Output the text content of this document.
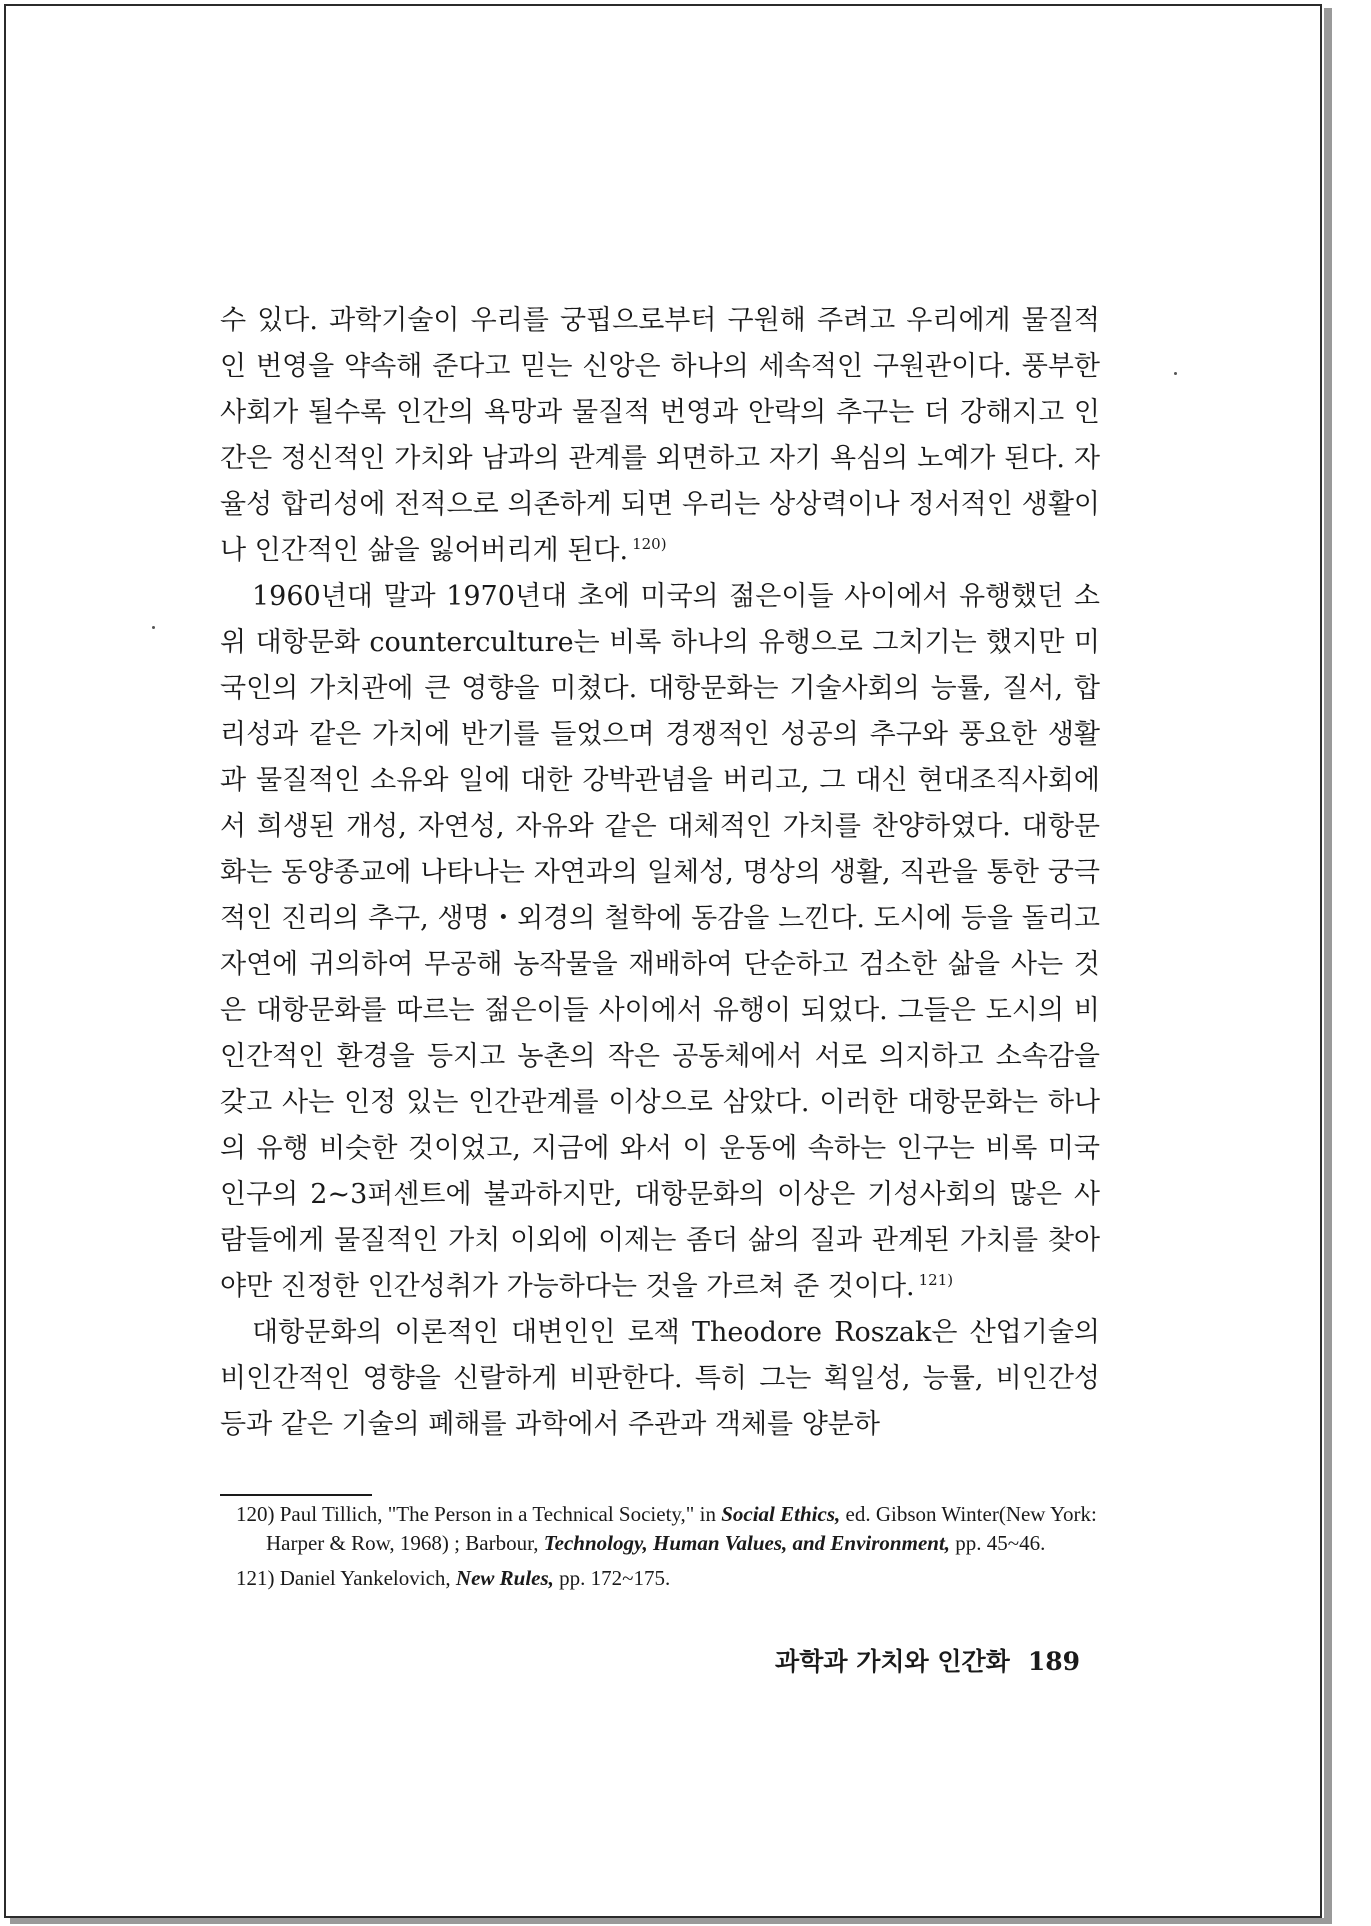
수 있다. 과학기술이 우리를 궁핍으로부터 구원해 주려고 우리에게 물질적인 번영을 약속해 준다고 믿는 신앙은 하나의 세속적인 구원관이다. 풍부한 사회가 될수록 인간의 욕망과 물질적 번영과 안락의 추구는 더 강해지고 인간은 정신적인 가치와 남과의 관계를 외면하고 자기 욕심의 노예가 된다. 자율성 합리성에 전적으로 의존하게 되면 우리는 상상력이나 정서적인 생활이나 인간적인 삶을 잃어버리게 된다. $^{120)}$

1960년대 말과 1970년대 초에 미국의 젊은이들 사이에서 유행했던 소위 대항문화 counterculture는 비록 하나의 유행으로 그치기는 했지만 미국인의 가치관에 큰 영향을 미쳤다. 대항문화는 기술사회의 능률, 질서, 합리성과 같은 가치에 반기를 들었으며 경쟁적인 성공의 추구와 풍요한 생활과 물질적인 소유와 일에 대한 강박관념을 버리고, 그 대신 현대조직사회에서 희생된 개성, 자연성, 자유와 같은 대체적인 가치를 찬양하였다. 대항문화는 동양종교에 나타나는 자연과의 일체성, 명상의 생활, 직관을 통한 궁극적인 진리의 추구, 생명・외경의 철학에 동감을 느낀다. 도시에 등을 돌리고 자연에 귀의하여 무공해 농작물을 재배하여 단순하고 검소한 삶을 사는 것은 대항문화를 따르는 젊은이들 사이에서 유행이 되었다. 그들은 도시의 비인간적인 환경을 등지고 농촌의 작은 공동체에서 서로 의지하고 소속감을 갖고 사는 인정 있는 인간관계를 이상으로 삼았다. 이러한 대항문화는 하나의 유행 비슷한 것이었고, 지금에 와서 이 운동에 속하는 인구는 비록 미국 인구의 2~3퍼센트에 불과하지만, 대항문화의 이상은 기성사회의 많은 사람들에게 물질적인 가치 이외에 이제는 좀더 삶의 질과 관계된 가치를 찾아야만 진정한 인간성취가 가능하다는 것을 가르쳐 준 것이다. $^{121)}$

대항문화의 이론적인 대변인인 로잭 Theodore Roszak은 산업기술의 비인간적인 영향을 신랄하게 비판한다. 특히 그는 획일성, 능률, 비인간성 등과 같은 기술의 폐해를 과학에서 주관과 객체를 양분하

120) Paul Tillich, "The Person in a Technical Society," in Social Ethics, ed. Gibson Winter(New York: Harper & Row, 1968) ; Barbour, Technology, Human Values, and Environment, pp. 45~46.

121) Daniel Yankelovich, New Rules, pp. 172~175.

과학과 가치와 인간화 189
